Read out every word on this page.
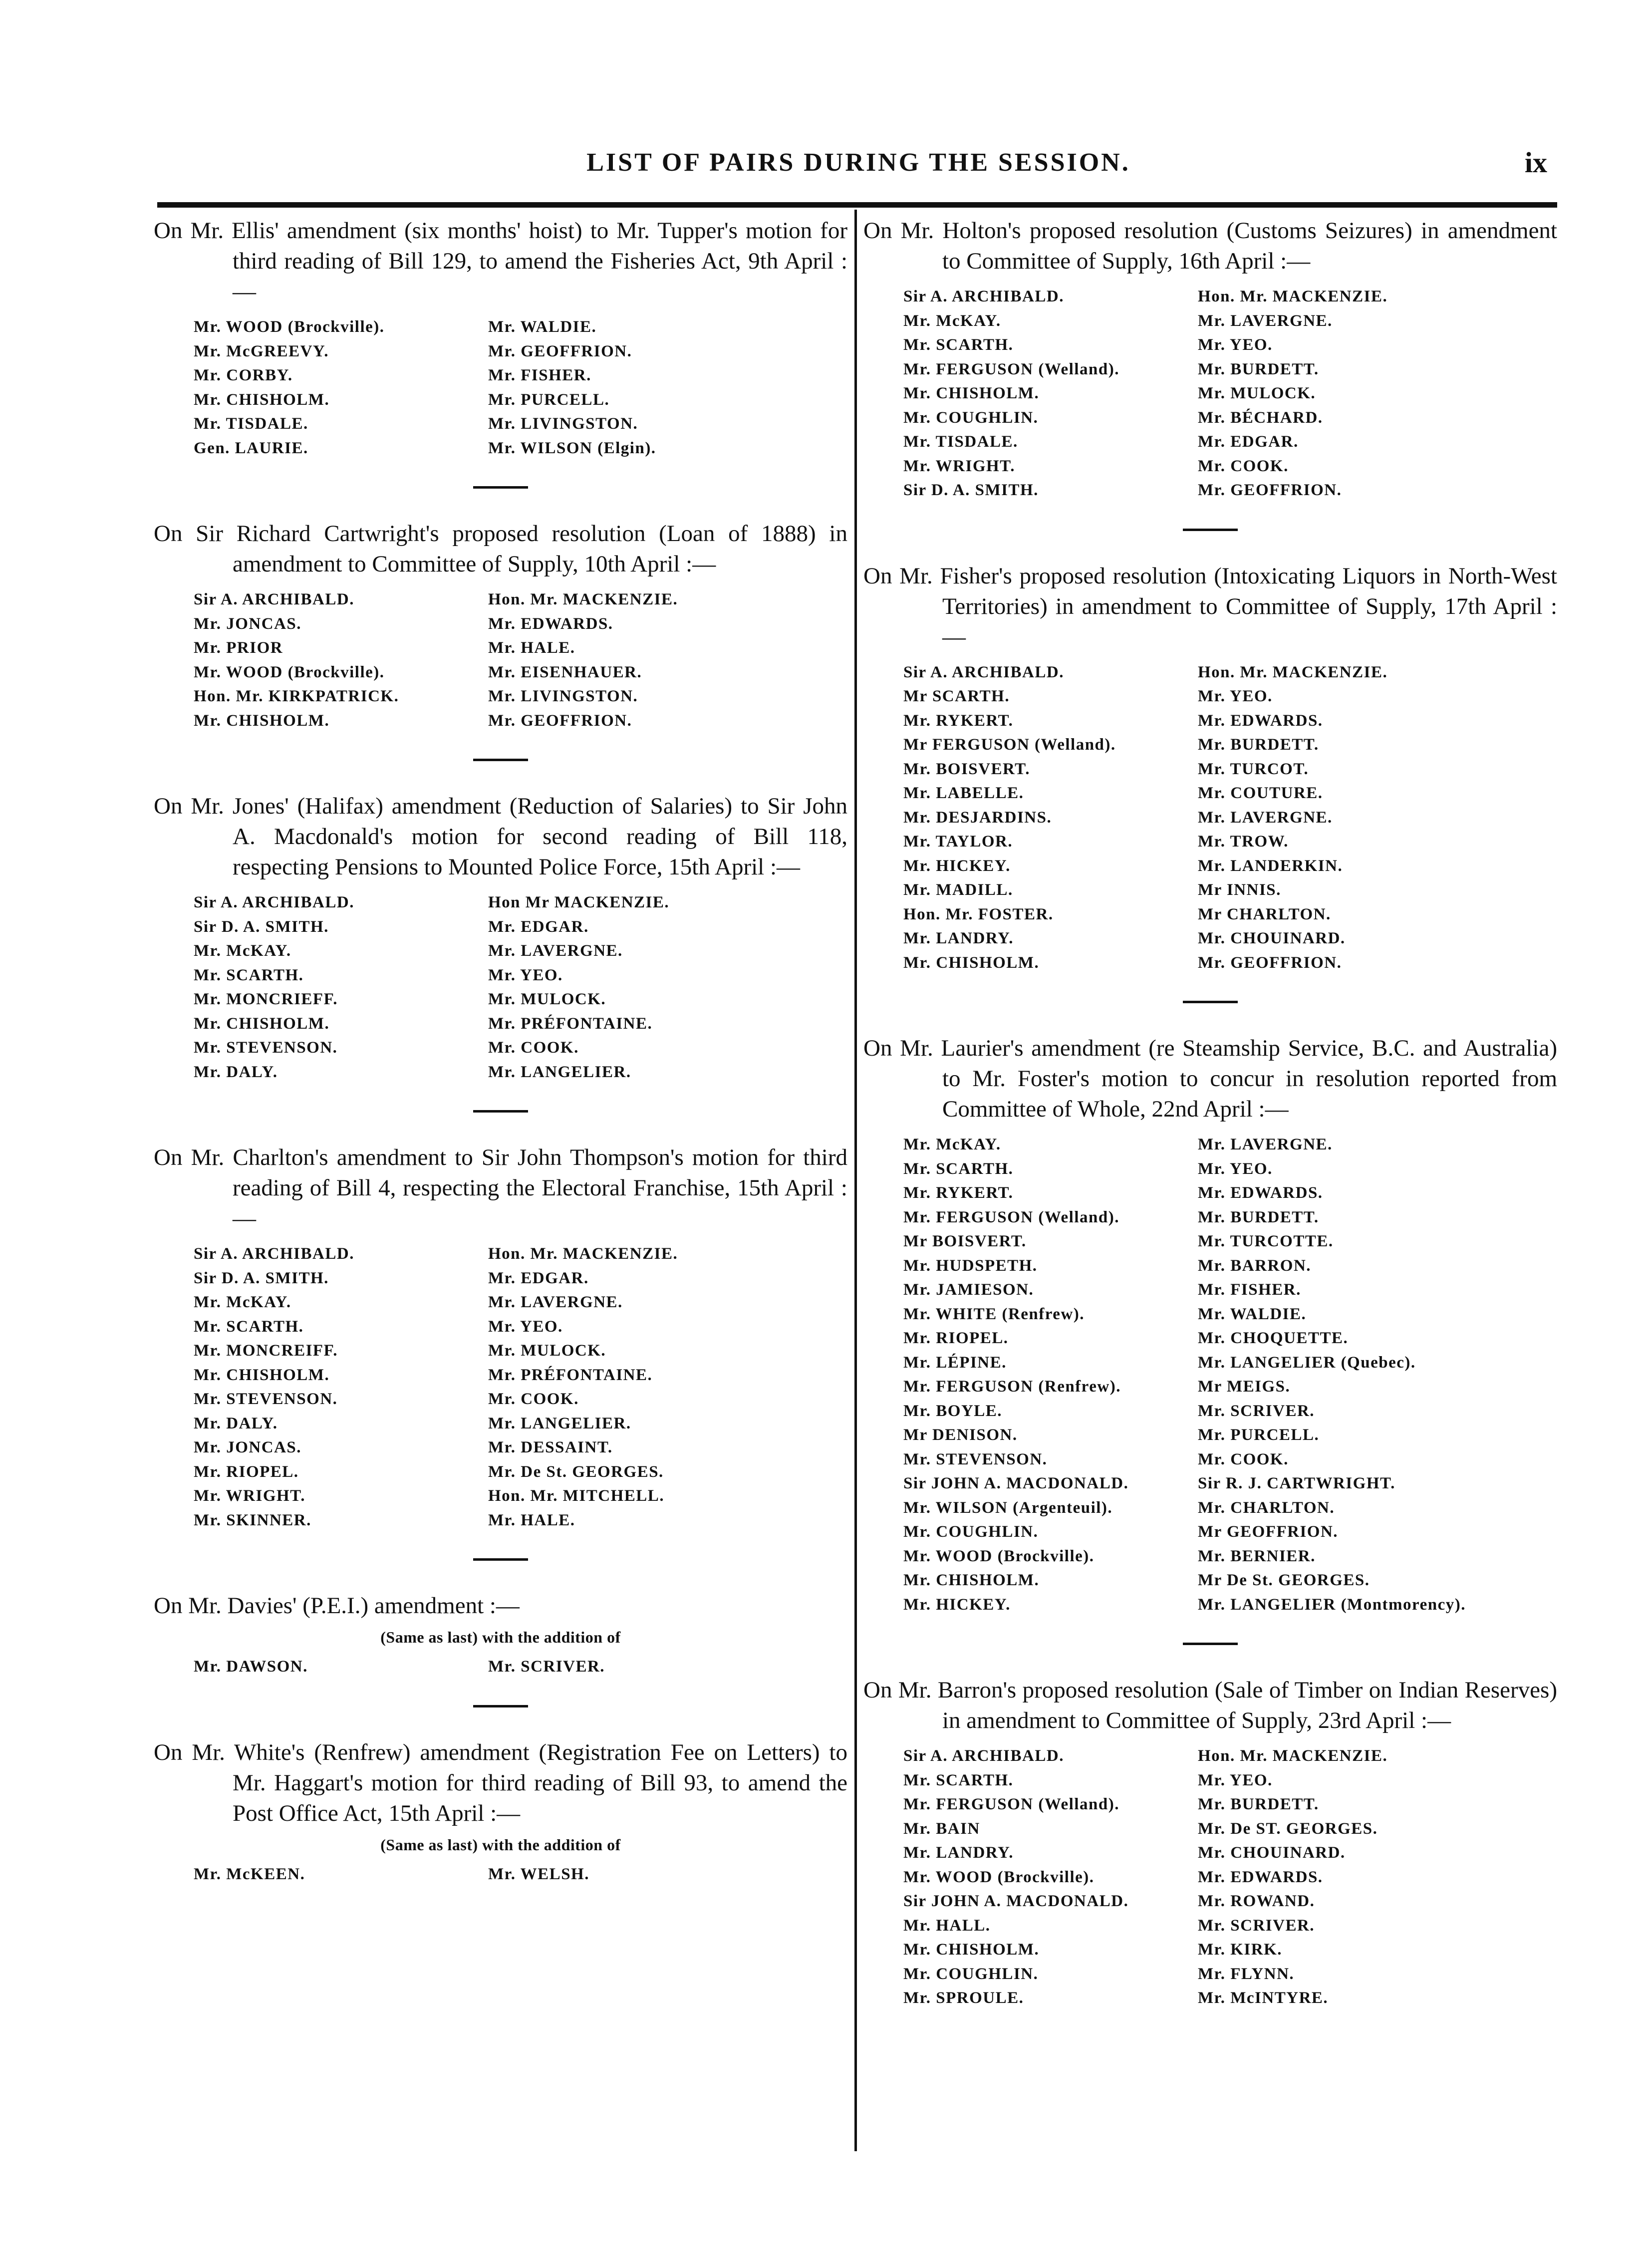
LIST OF PAIRS DURING THE SESSION.	ix

On Mr. Ellis' amendment (six months' hoist) to Mr. Tupper's motion for third reading of Bill 129, to amend the Fisheries Act, 9th April :—

Mr. WOOD (Brockville).	Mr. WALDIE.
Mr. McGREEVY.	Mr. GEOFFRION.
Mr. CORBY.	Mr. FISHER.
Mr. CHISHOLM.	Mr. PURCELL.
Mr. TISDALE.	Mr. LIVINGSTON.
Gen. LAURIE.	Mr. WILSON (Elgin).

On Sir Richard Cartwright's proposed resolution (Loan of 1888) in amendment to Committee of Supply, 10th April :—

Sir A. ARCHIBALD.	Hon. Mr. MACKENZIE.
Mr. JONCAS.	Mr. EDWARDS.
Mr. PRIOR	Mr. HALE.
Mr. WOOD (Brockville).	Mr. EISENHAUER.
Hon. Mr. KIRKPATRICK.	Mr. LIVINGSTON.
Mr. CHISHOLM.	Mr. GEOFFRION.

On Mr. Jones' (Halifax) amendment (Reduction of Salaries) to Sir John A. Macdonald's motion for second reading of Bill 118, respecting Pensions to Mounted Police Force, 15th April :—

Sir A. ARCHIBALD.	Hon Mr MACKENZIE.
Sir D. A. SMITH.	Mr. EDGAR.
Mr. McKAY.	Mr. LAVERGNE.
Mr. SCARTH.	Mr. YEO.
Mr. MONCRIEFF.	Mr. MULOCK.
Mr. CHISHOLM.	Mr. PRÉFONTAINE.
Mr. STEVENSON.	Mr. COOK.
Mr. DALY.	Mr. LANGELIER.

On Mr. Charlton's amendment to Sir John Thompson's motion for third reading of Bill 4, respecting the Electoral Franchise, 15th April :—

Sir A. ARCHIBALD.	Hon. Mr. MACKENZIE.
Sir D. A. SMITH.	Mr. EDGAR.
Mr. McKAY.	Mr. LAVERGNE.
Mr. SCARTH.	Mr. YEO.
Mr. MONCREIFF.	Mr. MULOCK.
Mr. CHISHOLM.	Mr. PRÉFONTAINE.
Mr. STEVENSON.	Mr. COOK.
Mr. DALY.	Mr. LANGELIER.
Mr. JONCAS.	Mr. DESSAINT.
Mr. RIOPEL.	Mr. De St. GEORGES.
Mr. WRIGHT.	Hon. Mr. MITCHELL.
Mr. SKINNER.	Mr. HALE.

On Mr. Davies' (P.E.I.) amendment :—

(Same as last) with the addition of
Mr. DAWSON.	Mr. SCRIVER.

On Mr. White's (Renfrew) amendment (Registration Fee on Letters) to Mr. Haggart's motion for third reading of Bill 93, to amend the Post Office Act, 15th April :—

(Same as last) with the addition of
Mr. McKEEN.	Mr. WELSH.

On Mr. Holton's proposed resolution (Customs Seizures) in amendment to Committee of Supply, 16th April :—

Sir A. ARCHIBALD.	Hon. Mr. MACKENZIE.
Mr. McKAY.	Mr. LAVERGNE.
Mr. SCARTH.	Mr. YEO.
Mr. FERGUSON (Welland).	Mr. BURDETT.
Mr. CHISHOLM.	Mr. MULOCK.
Mr. COUGHLIN.	Mr. BÉCHARD.
Mr. TISDALE.	Mr. EDGAR.
Mr. WRIGHT.	Mr. COOK.
Sir D. A. SMITH.	Mr. GEOFFRION.

On Mr. Fisher's proposed resolution (Intoxicating Liquors in North-West Territories) in amendment to Committee of Supply, 17th April :—

Sir A. ARCHIBALD.	Hon. Mr. MACKENZIE.
Mr SCARTH.	Mr. YEO.
Mr. RYKERT.	Mr. EDWARDS.
Mr FERGUSON (Welland).	Mr. BURDETT.
Mr. BOISVERT.	Mr. TURCOT.
Mr. LABELLE.	Mr. COUTURE.
Mr. DESJARDINS.	Mr. LAVERGNE.
Mr. TAYLOR.	Mr. TROW.
Mr. HICKEY.	Mr. LANDERKIN.
Mr. MADILL.	Mr INNIS.
Hon. Mr. FOSTER.	Mr CHARLTON.
Mr. LANDRY.	Mr. CHOUINARD.
Mr. CHISHOLM.	Mr. GEOFFRION.

On Mr. Laurier's amendment (re Steamship Service, B.C. and Australia) to Mr. Foster's motion to concur in resolution reported from Committee of Whole, 22nd April :—

Mr. McKAY.	Mr. LAVERGNE.
Mr. SCARTH.	Mr. YEO.
Mr. RYKERT.	Mr. EDWARDS.
Mr. FERGUSON (Welland).	Mr. BURDETT.
Mr BOISVERT.	Mr. TURCOTTE.
Mr. HUDSPETH.	Mr. BARRON.
Mr. JAMIESON.	Mr. FISHER.
Mr. WHITE (Renfrew).	Mr. WALDIE.
Mr. RIOPEL.	Mr. CHOQUETTE.
Mr. LÉPINE.	Mr. LANGELIER (Quebec).
Mr. FERGUSON (Renfrew).	Mr MEIGS.
Mr. BOYLE.	Mr. SCRIVER.
Mr DENISON.	Mr. PURCELL.
Mr. STEVENSON.	Mr. COOK.
Sir JOHN A. MACDONALD.	Sir R. J. CARTWRIGHT.
Mr. WILSON (Argenteuil).	Mr. CHARLTON.
Mr. COUGHLIN.	Mr GEOFFRION.
Mr. WOOD (Brockville).	Mr. BERNIER.
Mr. CHISHOLM.	Mr De St. GEORGES.
Mr. HICKEY.	Mr. LANGELIER (Montmorency).

On Mr. Barron's proposed resolution (Sale of Timber on Indian Reserves) in amendment to Committee of Supply, 23rd April :—

Sir A. ARCHIBALD.	Hon. Mr. MACKENZIE.
Mr. SCARTH.	Mr. YEO.
Mr. FERGUSON (Welland).	Mr. BURDETT.
Mr. BAIN	Mr. De ST. GEORGES.
Mr. LANDRY.	Mr. CHOUINARD.
Mr. WOOD (Brockville).	Mr. EDWARDS.
Sir JOHN A. MACDONALD.	Mr. ROWAND.
Mr. HALL.	Mr. SCRIVER.
Mr. CHISHOLM.	Mr. KIRK.
Mr. COUGHLIN.	Mr. FLYNN.
Mr. SPROULE.	Mr. McINTYRE.
